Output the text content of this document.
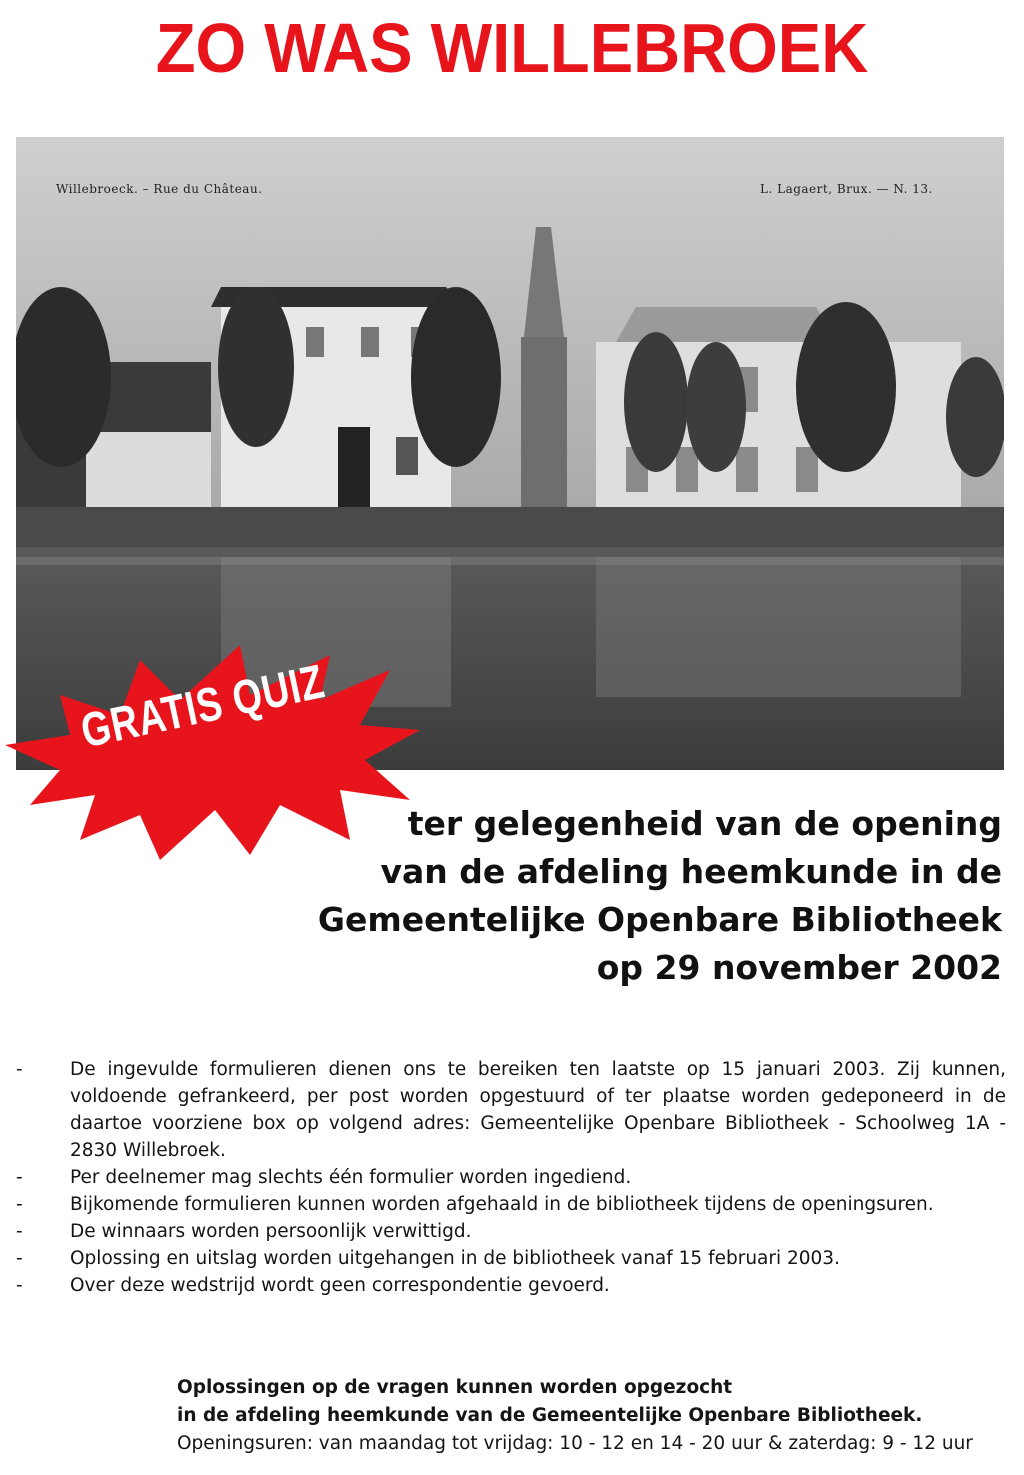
ZO WAS WILLEBROEK
Willebroeck. – Rue du Château.	L. Lagaert, Brux. — N. 13.
GRATIS QUIZ
ter gelegenheid van de opening
van de afdeling heemkunde in de
Gemeentelijke Openbare Bibliotheek
op 29 november 2002
-	De ingevulde formulieren dienen ons te bereiken ten laatste op 15 januari 2003. Zij kunnen, voldoende gefrankeerd, per post worden opgestuurd of ter plaatse worden gedeponeerd in de daartoe voorziene box op volgend adres: Gemeentelijke Openbare Bibliotheek - Schoolweg 1A - 2830 Willebroek.
-	Per deelnemer mag slechts één formulier worden ingediend.
-	Bijkomende formulieren kunnen worden afgehaald in de bibliotheek tijdens de openingsuren.
-	De winnaars worden persoonlijk verwittigd.
-	Oplossing en uitslag worden uitgehangen in de bibliotheek vanaf 15 februari 2003.
-	Over deze wedstrijd wordt geen correspondentie gevoerd.
Oplossingen op de vragen kunnen worden opgezocht
in de afdeling heemkunde van de Gemeentelijke Openbare Bibliotheek.
Openingsuren: van maandag tot vrijdag: 10 - 12 en 14 - 20 uur & zaterdag: 9 - 12 uur
